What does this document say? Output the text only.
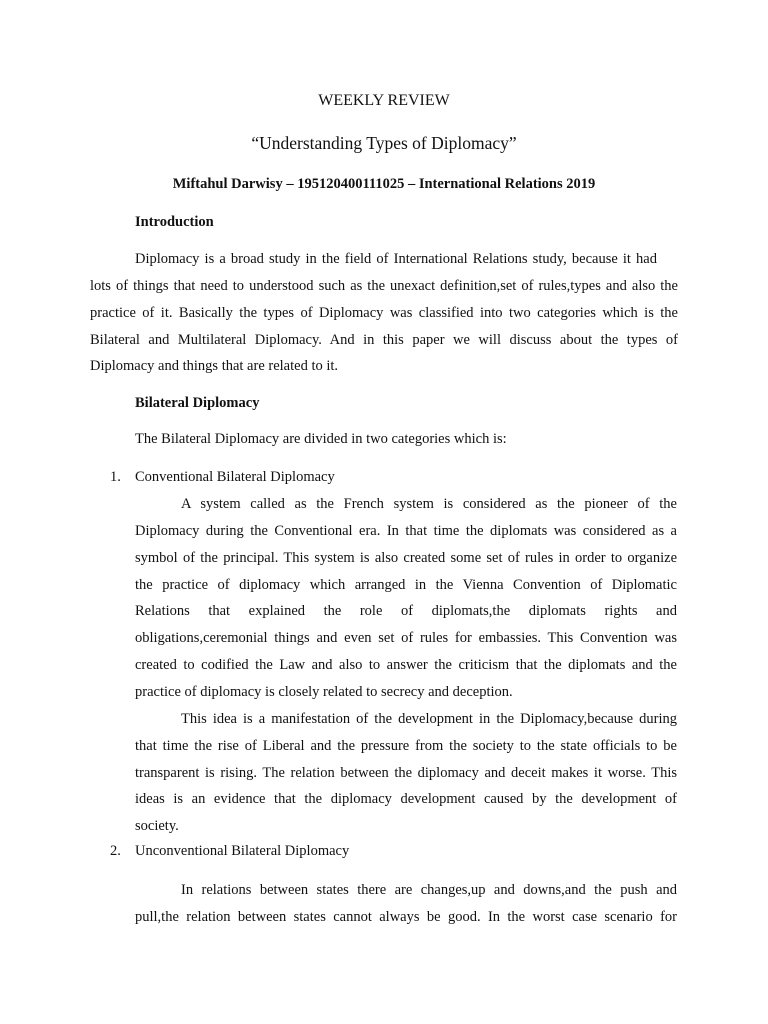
WEEKLY REVIEW
“Understanding Types of Diplomacy”
Miftahul Darwisy – 195120400111025 – International Relations 2019
Introduction
Diplomacy is a broad study in the field of International Relations study, because it had
lots of things that need to understood such as the unexact definition,set of rules,types and also the
practice of it. Basically the types of Diplomacy was classified into two categories which is the
Bilateral and Multilateral Diplomacy. And in this paper we will discuss about the types of
Diplomacy and things that are related to it.
Bilateral Diplomacy
The Bilateral Diplomacy are divided in two categories which is:
1. Conventional Bilateral Diplomacy
A system called as the French system is considered as the pioneer of the
Diplomacy during the Conventional era. In that time the diplomats was considered as a
symbol of the principal. This system is also created some set of rules in order to organize
the practice of diplomacy which arranged in the Vienna Convention of Diplomatic
Relations that explained the role of diplomats,the diplomats rights and
obligations,ceremonial things and even set of rules for embassies. This Convention was
created to codified the Law and also to answer the criticism that the diplomats and the
practice of diplomacy is closely related to secrecy and deception.
This idea is a manifestation of the development in the Diplomacy,because during
that time the rise of Liberal and the pressure from the society to the state officials to be
transparent is rising. The relation between the diplomacy and deceit makes it worse. This
ideas is an evidence that the diplomacy development caused by the development of
society.
2. Unconventional Bilateral Diplomacy
In relations between states there are changes,up and downs,and the push and
pull,the relation between states cannot always be good. In the worst case scenario for
